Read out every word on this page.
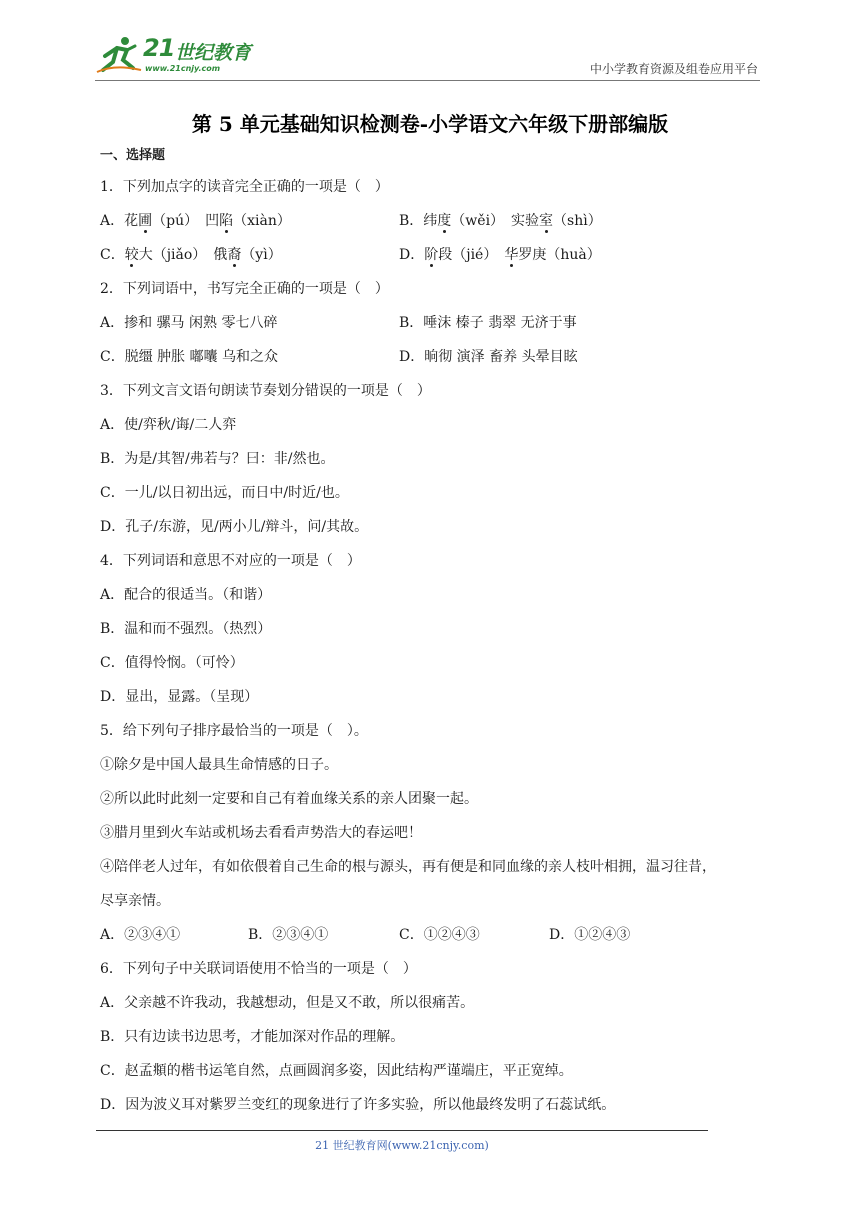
21 世纪教育
www.21cnjy.com	中小学教育资源及组卷应用平台
第 5 单元基础知识检测卷-小学语文六年级下册部编版
一、选择题
1．下列加点字的读音完全正确的一项是（　）
A．花圃（pú）　凹陷（xiàn）	B．纬度（wěi）　实验室（shì）
C．较大（jiǎo）　俄裔（yì）	D．阶段（jié）　华罗庚（huà）
2．下列词语中，书写完全正确的一项是（　）
A．掺和 骡马 闲熟 零七八碎	B．唾沫 榛子 翡翠 无济于事
C．脱缰 肿胀 嘟囔 乌和之众	D．晌彻 演泽 畜养 头晕目眩
3．下列文言文语句朗读节奏划分错误的一项是（　）
A．使/弈秋/诲/二人弈
B．为是/其智/弗若与？曰：非/然也。
C．一儿/以日初出远，而日中/时近/也。
D．孔子/东游，见/两小儿/辩斗，问/其故。
4．下列词语和意思不对应的一项是（　）
A．配合的很适当。（和谐）
B．温和而不强烈。（热烈）
C．值得怜悯。（可怜）
D．显出，显露。（呈现）
5．给下列句子排序最恰当的一项是（　）。
①除夕是中国人最具生命情感的日子。
②所以此时此刻一定要和自己有着血缘关系的亲人团聚一起。
③腊月里到火车站或机场去看看声势浩大的春运吧！
④陪伴老人过年，有如依偎着自己生命的根与源头，再有便是和同血缘的亲人枝叶相拥，温习往昔，
尽享亲情。
A．②③④①	B．②③④①	C．①②④③	D．①②④③
6．下列句子中关联词语使用不恰当的一项是（　）
A．父亲越不许我动，我越想动，但是又不敢，所以很痛苦。
B．只有边读书边思考，才能加深对作品的理解。
C．赵孟頫的楷书运笔自然，点画圆润多姿，因此结构严谨端庄，平正宽绰。
D．因为波义耳对紫罗兰变红的现象进行了许多实验，所以他最终发明了石蕊试纸。
21 世纪教育网(www.21cnjy.com)
